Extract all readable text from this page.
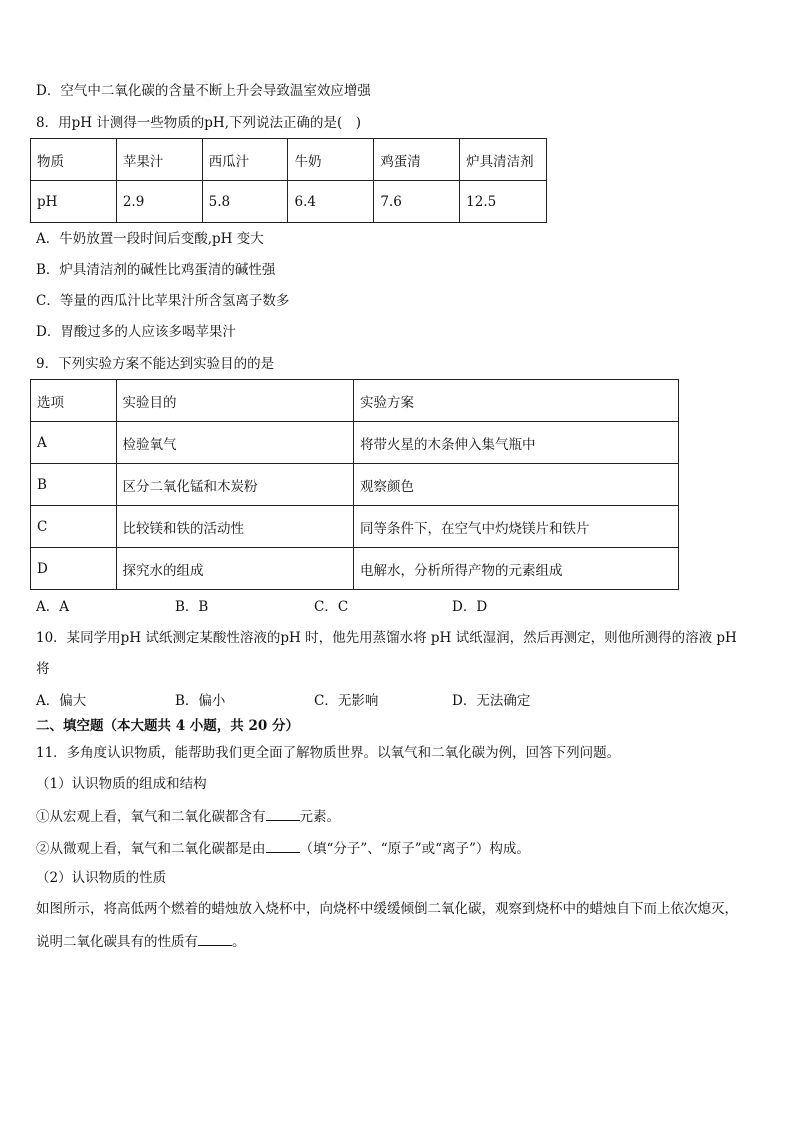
D．空气中二氧化碳的含量不断上升会导致温室效应增强
8．用pH 计测得一些物质的pH,下列说法正确的是(　)
物质	苹果汁	西瓜汁	牛奶	鸡蛋清	炉具清洁剂
pH	2.9	5.8	6.4	7.6	12.5
A．牛奶放置一段时间后变酸,pH 变大
B．炉具清洁剂的碱性比鸡蛋清的碱性强
C．等量的西瓜汁比苹果汁所含氢离子数多
D．胃酸过多的人应该多喝苹果汁
9．下列实验方案不能达到实验目的的是
选项	实验目的	实验方案
A	检验氧气	将带火星的木条伸入集气瓶中
B	区分二氧化锰和木炭粉	观察颜色
C	比较镁和铁的活动性	同等条件下，在空气中灼烧镁片和铁片
D	探究水的组成	电解水，分析所得产物的元素组成
A．A	B．B	C．C	D．D
10．某同学用pH 试纸测定某酸性溶液的pH 时，他先用蒸馏水将 pH 试纸湿润，然后再测定，则他所测得的溶液 pH
将
A．偏大	B．偏小	C．无影响	D．无法确定
二、填空题（本大题共 4 小题，共 20 分）
11．多角度认识物质，能帮助我们更全面了解物质世界。以氧气和二氧化碳为例，回答下列问题。
（1）认识物质的组成和结构
①从宏观上看，氧气和二氧化碳都含有	元素。
②从微观上看，氧气和二氧化碳都是由	（填“分子”、“原子”或“离子”）构成。
（2）认识物质的性质
如图所示，将高低两个燃着的蜡烛放入烧杯中，向烧杯中缓缓倾倒二氧化碳，观察到烧杯中的蜡烛自下而上依次熄灭，
说明二氧化碳具有的性质有	。
